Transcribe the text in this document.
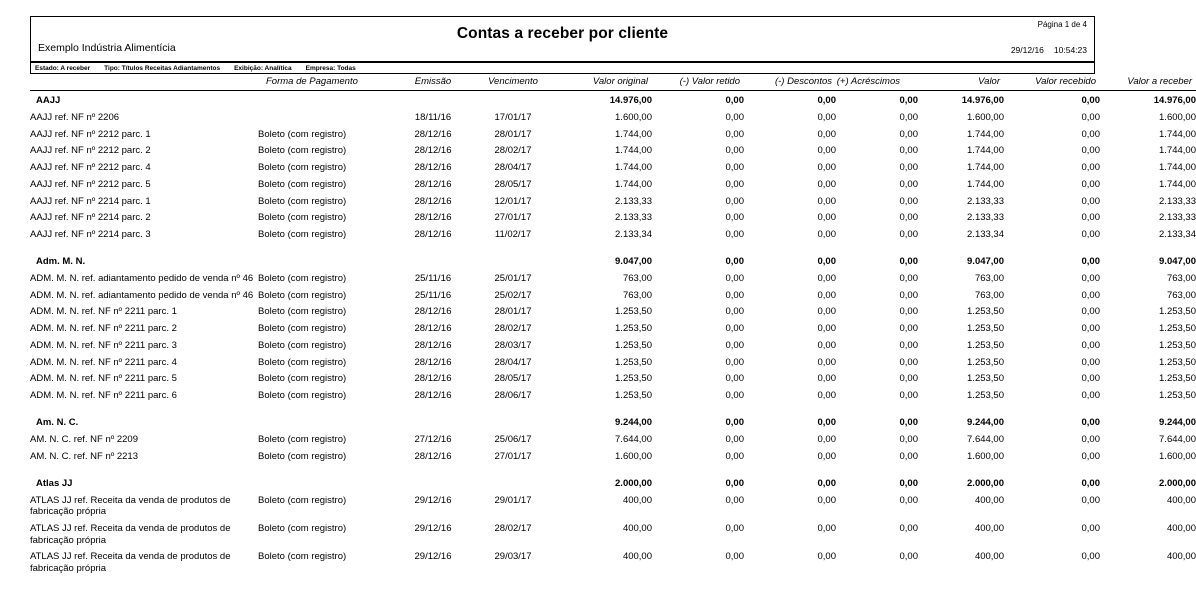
Contas a receber por cliente
Exemplo Indústria Alimentícia
Página 1 de 4
29/12/16 10:54:23
Estado: A receber Tipo: Títulos Receitas Adiantamentos Exibição: Analítica Empresa: Todas
	Forma de Pagamento	Emissão	Vencimento	Valor original	(-) Valor retido	(-) Descontos	(+) Acréscimos	Valor	Valor recebido	Valor a receber
AAJJ				14.976,00	0,00	0,00	0,00	14.976,00	0,00	14.976,00
AAJJ ref. NF nº 2206		18/11/16	17/01/17	1.600,00	0,00	0,00	0,00	1.600,00	0,00	1.600,00
AAJJ ref. NF nº 2212 parc. 1	Boleto (com registro)	28/12/16	28/01/17	1.744,00	0,00	0,00	0,00	1.744,00	0,00	1.744,00
AAJJ ref. NF nº 2212 parc. 2	Boleto (com registro)	28/12/16	28/02/17	1.744,00	0,00	0,00	0,00	1.744,00	0,00	1.744,00
AAJJ ref. NF nº 2212 parc. 4	Boleto (com registro)	28/12/16	28/04/17	1.744,00	0,00	0,00	0,00	1.744,00	0,00	1.744,00
AAJJ ref. NF nº 2212 parc. 5	Boleto (com registro)	28/12/16	28/05/17	1.744,00	0,00	0,00	0,00	1.744,00	0,00	1.744,00
AAJJ ref. NF nº 2214 parc. 1	Boleto (com registro)	28/12/16	12/01/17	2.133,33	0,00	0,00	0,00	2.133,33	0,00	2.133,33
AAJJ ref. NF nº 2214 parc. 2	Boleto (com registro)	28/12/16	27/01/17	2.133,33	0,00	0,00	0,00	2.133,33	0,00	2.133,33
AAJJ ref. NF nº 2214 parc. 3	Boleto (com registro)	28/12/16	11/02/17	2.133,34	0,00	0,00	0,00	2.133,34	0,00	2.133,34

Adm. M. N.				9.047,00	0,00	0,00	0,00	9.047,00	0,00	9.047,00
ADM. M. N. ref. adiantamento pedido de venda nº 46	Boleto (com registro)	25/11/16	25/01/17	763,00	0,00	0,00	0,00	763,00	0,00	763,00
ADM. M. N. ref. adiantamento pedido de venda nº 46	Boleto (com registro)	25/11/16	25/02/17	763,00	0,00	0,00	0,00	763,00	0,00	763,00
ADM. M. N. ref. NF nº 2211 parc. 1	Boleto (com registro)	28/12/16	28/01/17	1.253,50	0,00	0,00	0,00	1.253,50	0,00	1.253,50
ADM. M. N. ref. NF nº 2211 parc. 2	Boleto (com registro)	28/12/16	28/02/17	1.253,50	0,00	0,00	0,00	1.253,50	0,00	1.253,50
ADM. M. N. ref. NF nº 2211 parc. 3	Boleto (com registro)	28/12/16	28/03/17	1.253,50	0,00	0,00	0,00	1.253,50	0,00	1.253,50
ADM. M. N. ref. NF nº 2211 parc. 4	Boleto (com registro)	28/12/16	28/04/17	1.253,50	0,00	0,00	0,00	1.253,50	0,00	1.253,50
ADM. M. N. ref. NF nº 2211 parc. 5	Boleto (com registro)	28/12/16	28/05/17	1.253,50	0,00	0,00	0,00	1.253,50	0,00	1.253,50
ADM. M. N. ref. NF nº 2211 parc. 6	Boleto (com registro)	28/12/16	28/06/17	1.253,50	0,00	0,00	0,00	1.253,50	0,00	1.253,50

Am. N. C.				9.244,00	0,00	0,00	0,00	9.244,00	0,00	9.244,00
AM. N. C. ref. NF nº 2209	Boleto (com registro)	27/12/16	25/06/17	7.644,00	0,00	0,00	0,00	7.644,00	0,00	7.644,00
AM. N. C. ref. NF nº 2213	Boleto (com registro)	28/12/16	27/01/17	1.600,00	0,00	0,00	0,00	1.600,00	0,00	1.600,00

Atlas JJ				2.000,00	0,00	0,00	0,00	2.000,00	0,00	2.000,00
ATLAS JJ ref. Receita da venda de produtos de fabricação própria	Boleto (com registro)	29/12/16	29/01/17	400,00	0,00	0,00	0,00	400,00	0,00	400,00
ATLAS JJ ref. Receita da venda de produtos de fabricação própria	Boleto (com registro)	29/12/16	28/02/17	400,00	0,00	0,00	0,00	400,00	0,00	400,00
ATLAS JJ ref. Receita da venda de produtos de fabricação própria	Boleto (com registro)	29/12/16	29/03/17	400,00	0,00	0,00	0,00	400,00	0,00	400,00
